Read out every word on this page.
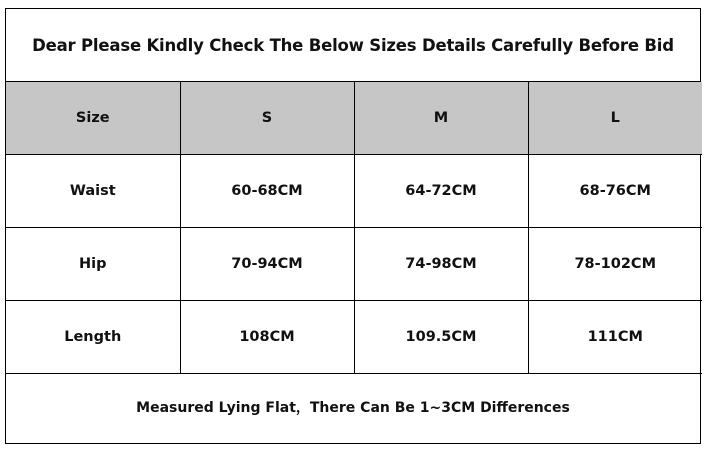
Dear Please Kindly Check The Below Sizes Details Carefully Before Bid
Size	S	M	L
Waist	60-68CM	64-72CM	68-76CM
Hip	70-94CM	74-98CM	78-102CM
Length	108CM	109.5CM	111CM
Measured Lying Flat，There Can Be 1~3CM Differences
